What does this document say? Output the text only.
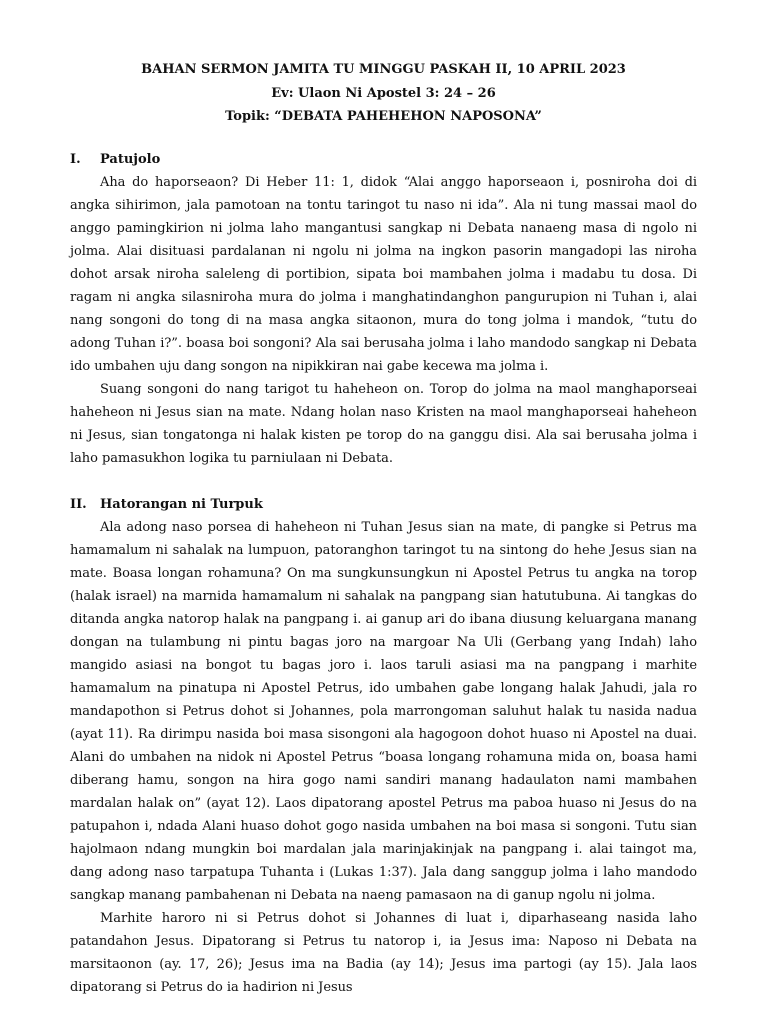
BAHAN SERMON JAMITA TU MINGGU PASKAH II, 10 APRIL 2023
Ev: Ulaon Ni Apostel 3: 24 – 26
Topik: “DEBATA PAHEHEHON NAPOSONA”
I.	Patujolo

Aha do haporseaon? Di Heber 11: 1, didok “Alai anggo haporseaon i, posniroha doi di angka sihirimon, jala pamotoan na tontu taringot tu naso ni ida”. Ala ni tung massai maol do anggo pamingkirion ni jolma laho mangantusi sangkap ni Debata nanaeng masa di ngolo ni jolma. Alai disituasi pardalanan ni ngolu ni jolma na ingkon pasorin mangadopi las niroha dohot arsak niroha saleleng di portibion, sipata boi mambahen jolma i madabu tu dosa. Di ragam ni angka silasniroha mura do jolma i manghatindanghon pangurupion ni Tuhan i, alai nang songoni do tong di na masa angka sitaonon, mura do tong jolma i mandok, “tutu do adong Tuhan i?”. boasa boi songoni? Ala sai berusaha jolma i laho mandodo sangkap ni Debata ido umbahen uju dang songon na nipikkiran nai gabe kecewa ma jolma i.

Suang songoni do nang tarigot tu haheheon on. Torop do jolma na maol manghaporseai haheheon ni Jesus sian na mate. Ndang holan naso Kristen na maol manghaporseai haheheon ni Jesus, sian tongatonga ni halak kisten pe torop do na ganggu disi. Ala sai berusaha jolma i laho pamasukhon logika tu parniulaan ni Debata.

II.	Hatorangan ni Turpuk

Ala adong naso porsea di haheheon ni Tuhan Jesus sian na mate, di pangke si Petrus ma hamamalum ni sahalak na lumpuon, patoranghon taringot tu na sintong do hehe Jesus sian na mate. Boasa longan rohamuna? On ma sungkunsungkun ni Apostel Petrus tu angka na torop (halak israel) na marnida hamamalum ni sahalak na pangpang sian hatutubuna. Ai tangkas do ditanda angka natorop halak na pangpang i. ai ganup ari do ibana diusung keluargana manang dongan na tulambung ni pintu bagas joro na margoar Na Uli (Gerbang yang Indah) laho mangido asiasi na bongot tu bagas joro i. laos taruli asiasi ma na pangpang i marhite hamamalum na pinatupa ni Apostel Petrus, ido umbahen gabe longang halak Jahudi, jala ro mandapothon si Petrus dohot si Johannes, pola marrongoman saluhut halak tu nasida nadua (ayat 11). Ra dirimpu nasida boi masa sisongoni ala hagogoon dohot huaso ni Apostel na duai. Alani do umbahen na nidok ni Apostel Petrus “boasa longang rohamuna mida on, boasa hami diberang hamu, songon na hira gogo nami sandiri manang hadaulaton nami mambahen mardalan halak on” (ayat 12). Laos dipatorang apostel Petrus ma paboa huaso ni Jesus do na patupahon i, ndada Alani huaso dohot gogo nasida umbahen na boi masa si songoni. Tutu sian hajolmaon ndang mungkin boi mardalan jala marinjakinjak na pangpang i. alai taingot ma, dang adong naso tarpatupa Tuhanta i (Lukas 1:37). Jala dang sanggup jolma i laho mandodo sangkap manang pambahenan ni Debata na naeng pamasaon na di ganup ngolu ni jolma.

Marhite haroro ni si Petrus dohot si Johannes di luat i, diparhaseang nasida laho patandahon Jesus. Dipatorang si Petrus tu natorop i, ia Jesus ima: Naposo ni Debata na marsitaonon (ay. 17, 26); Jesus ima na Badia (ay 14); Jesus ima partogi (ay 15). Jala laos dipatorang si Petrus do ia hadirion ni Jesus
